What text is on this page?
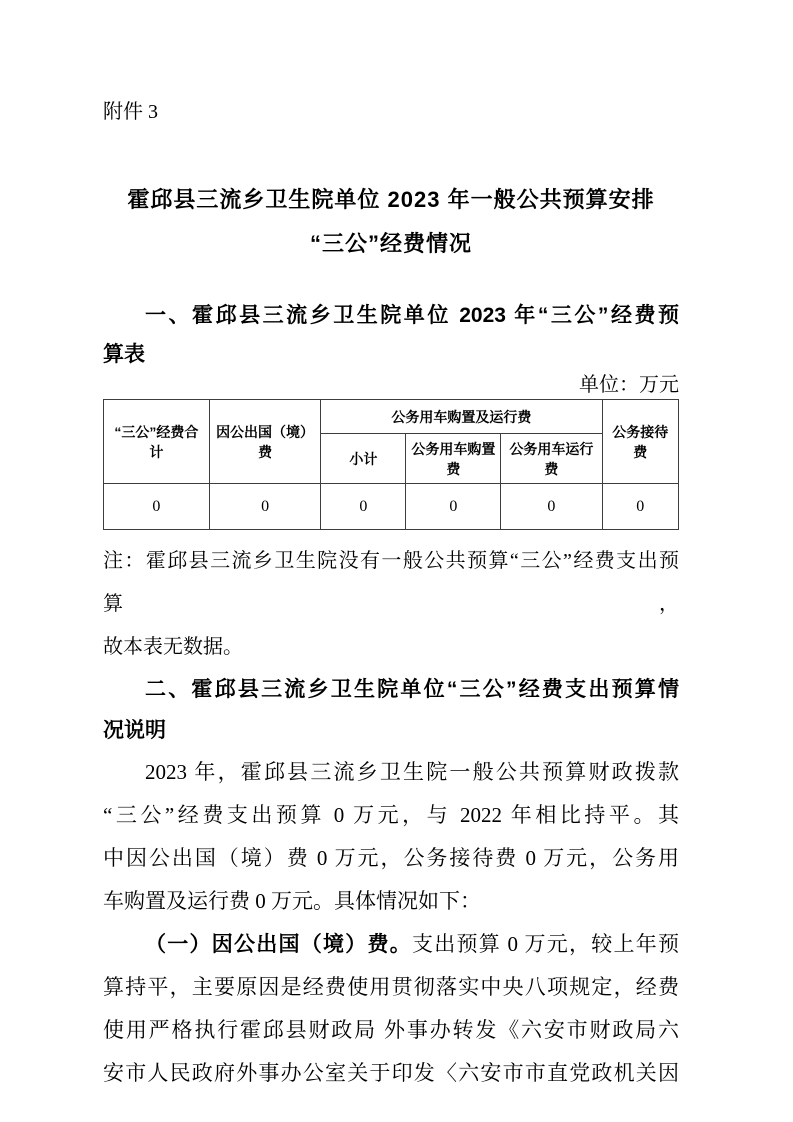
附件 3
霍邱县三流乡卫生院单位 2023 年一般公共预算安排
“三公”经费情况
一、霍邱县三流乡卫生院单位 2023 年“三公”经费预
算表
单位：万元
“三公”经费合计	因公出国（境）费	公务用车购置及运行费			公务接待费
		小计	公务用车购置费	公务用车运行费	
0	0	0	0	0	0
注：霍邱县三流乡卫生院没有一般公共预算“三公”经费支出预算，
故本表无数据。
二、霍邱县三流乡卫生院单位“三公”经费支出预算情
况说明
2023 年，霍邱县三流乡卫生院一般公共预算财政拨款
“三公”经费支出预算 0 万元，与 2022 年相比持平。其
中因公出国（境）费 0 万元，公务接待费 0 万元，公务用
车购置及运行费 0 万元。具体情况如下：
（一）因公出国（境）费。支出预算 0 万元，较上年预
算持平，主要原因是经费使用贯彻落实中央八项规定，经费
使用严格执行霍邱县财政局 外事办转发《六安市财政局六
安市人民政府外事办公室关于印发〈六安市市直党政机关因
